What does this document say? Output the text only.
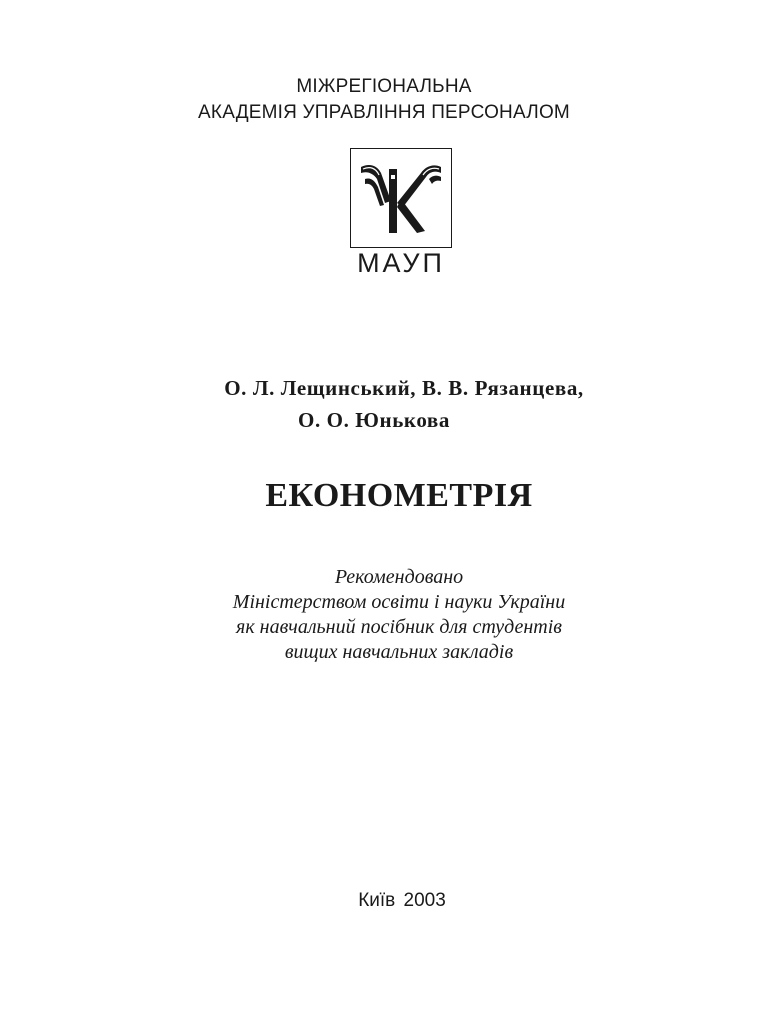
МІЖРЕГІОНАЛЬНА
АКАДЕМІЯ УПРАВЛІННЯ ПЕРСОНАЛОМ
МАУП
О. Л. Лещинський, В. В. Рязанцева,
О. О. Юнькова
ЕКОНОМЕТРІЯ
Рекомендовано
Міністерством освіти і науки України
як навчальний посібник для студентів
вищих навчальних закладів
Київ 2003
